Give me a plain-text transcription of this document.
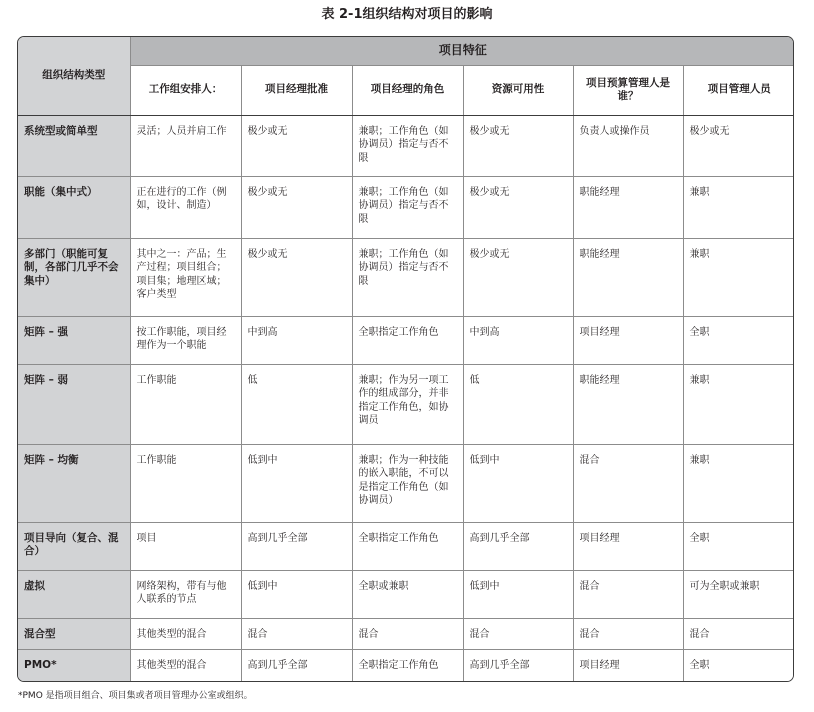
表 2-1组织结构对项目的影响
组织结构类型	项目特征					
	工作组安排人：	项目经理批准	项目经理的角色	资源可用性	项目预算管理人是谁？	项目管理人员
系统型或简单型	灵活；人员并肩工作	极少或无	兼职；工作角色（如协调员）指定与否不限	极少或无	负责人或操作员	极少或无
职能（集中式）	正在进行的工作（例如，设计、制造）	极少或无	兼职；工作角色（如协调员）指定与否不限	极少或无	职能经理	兼职
多部门（职能可复制，各部门几乎不会集中）	其中之一：产品；生产过程；项目组合；项目集；地理区域；客户类型	极少或无	兼职；工作角色（如协调员）指定与否不限	极少或无	职能经理	兼职
矩阵 – 强	按工作职能，项目经理作为一个职能	中到高	全职指定工作角色	中到高	项目经理	全职
矩阵 – 弱	工作职能	低	兼职；作为另一项工作的组成部分，并非指定工作角色，如协调员	低	职能经理	兼职
矩阵 – 均衡	工作职能	低到中	兼职；作为一种技能的嵌入职能，不可以是指定工作角色（如协调员）	低到中	混合	兼职
项目导向（复合、混合）	项目	高到几乎全部	全职指定工作角色	高到几乎全部	项目经理	全职
虚拟	网络架构，带有与他人联系的节点	低到中	全职或兼职	低到中	混合	可为全职或兼职
混合型	其他类型的混合	混合	混合	混合	混合	混合
PMO*	其他类型的混合	高到几乎全部	全职指定工作角色	高到几乎全部	项目经理	全职
*PMO 是指项目组合、项目集或者项目管理办公室或组织。
